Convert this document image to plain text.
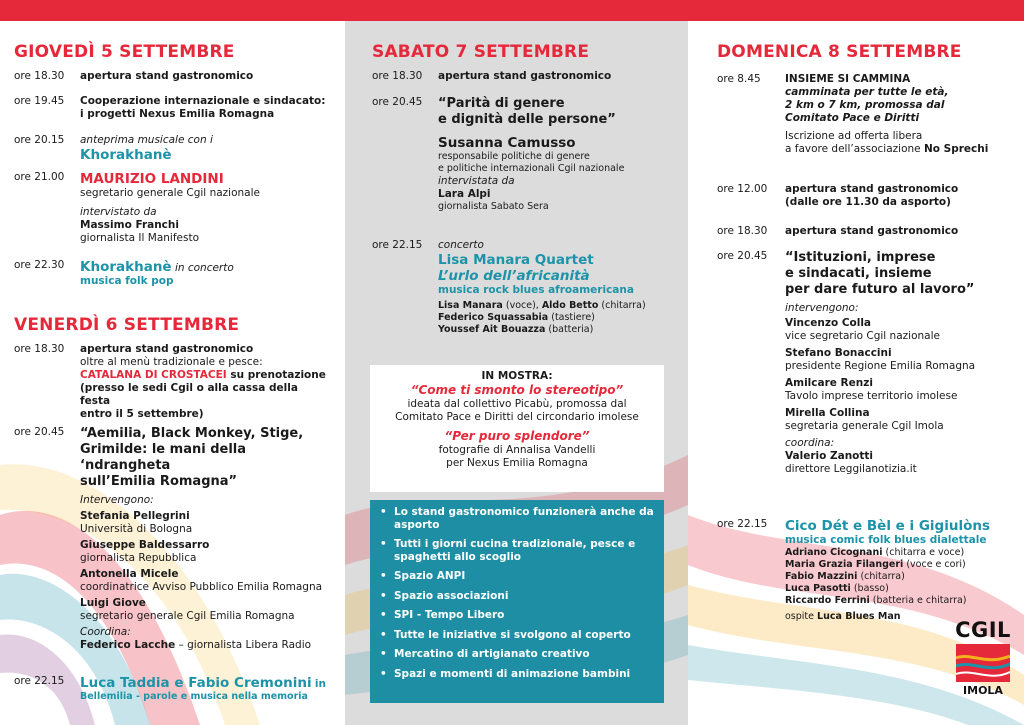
GIOVEDÌ 5 SETTEMBRE
ore 18.30	apertura stand gastronomico
ore 19.45	Cooperazione internazionale e sindacato:
i progetti Nexus Emilia Romagna
ore 20.15	anteprima musicale con i
Khorakhanè
ore 21.00	MAURIZIO LANDINI
segretario generale Cgil nazionale
intervistato da
Massimo Franchi
giornalista Il Manifesto
ore 22.30	Khorakhanè in concerto
musica folk pop
VENERDÌ 6 SETTEMBRE
ore 18.30	apertura stand gastronomico
oltre al menù tradizionale e pesce:
CATALANA DI CROSTACEI su prenotazione
(presso le sedi Cgil o alla cassa della festa
entro il 5 settembre)
ore 20.45	“Aemilia, Black Monkey, Stige,
Grimilde: le mani della ‘ndrangheta
sull’Emilia Romagna”
Intervengono:
Stefania Pellegrini
Università di Bologna
Giuseppe Baldessarro
giornalista Repubblica
Antonella Micele
coordinatrice Avviso Pubblico Emilia Romagna
Luigi Giove
segretario generale Cgil Emilia Romagna
Coordina:
Federico Lacche – giornalista Libera Radio
ore 22.15	Luca Taddia e Fabio Cremonini in
Bellemilia - parole e musica nella memoria
SABATO 7 SETTEMBRE
ore 18.30	apertura stand gastronomico
ore 20.45	“Parità di genere
e dignità delle persone”
Susanna Camusso
responsabile politiche di genere
e politiche internazionali Cgil nazionale
intervistata da
Lara Alpi
giornalista Sabato Sera
ore 22.15	concerto
Lisa Manara Quartet
L’urlo dell’africanità
musica rock blues afroamericana
Lisa Manara (voce), Aldo Betto (chitarra)
Federico Squassabia (tastiere)
Youssef Ait Bouazza (batteria)
IN MOSTRA:
“Come ti smonto lo stereotipo”
ideata dal collettivo Picabù, promossa dal
Comitato Pace e Diritti del circondario imolese
“Per puro splendore”
fotografie di Annalisa Vandelli
per Nexus Emilia Romagna
• Lo stand gastronomico funzionerà anche da asporto
• Tutti i giorni cucina tradizionale, pesce e spaghetti allo scoglio
• Spazio ANPI
• Spazio associazioni
• SPI - Tempo Libero
• Tutte le iniziative si svolgono al coperto
• Mercatino di artigianato creativo
• Spazi e momenti di animazione bambini
DOMENICA 8 SETTEMBRE
ore 8.45	INSIEME SI CAMMINA
camminata per tutte le età,
2 km o 7 km, promossa dal
Comitato Pace e Diritti
Iscrizione ad offerta libera
a favore dell’associazione No Sprechi
ore 12.00	apertura stand gastronomico
(dalle ore 11.30 da asporto)
ore 18.30	apertura stand gastronomico
ore 20.45	“Istituzioni, imprese
e sindacati, insieme
per dare futuro al lavoro”
intervengono:
Vincenzo Colla
vice segretario Cgil nazionale
Stefano Bonaccini
presidente Regione Emilia Romagna
Amilcare Renzi
Tavolo imprese territorio imolese
Mirella Collina
segretaria generale Cgil Imola
coordina:
Valerio Zanotti
direttore Leggilanotizia.it
ore 22.15	Cico Dét e Bèl e i Gigiulòns
musica comic folk blues dialettale
Adriano Cicognani (chitarra e voce)
Maria Grazia Filangeri (voce e cori)
Fabio Mazzini (chitarra)
Luca Pasotti (basso)
Riccardo Ferrini (batteria e chitarra)
ospite Luca Blues Man
CGIL
IMOLA
